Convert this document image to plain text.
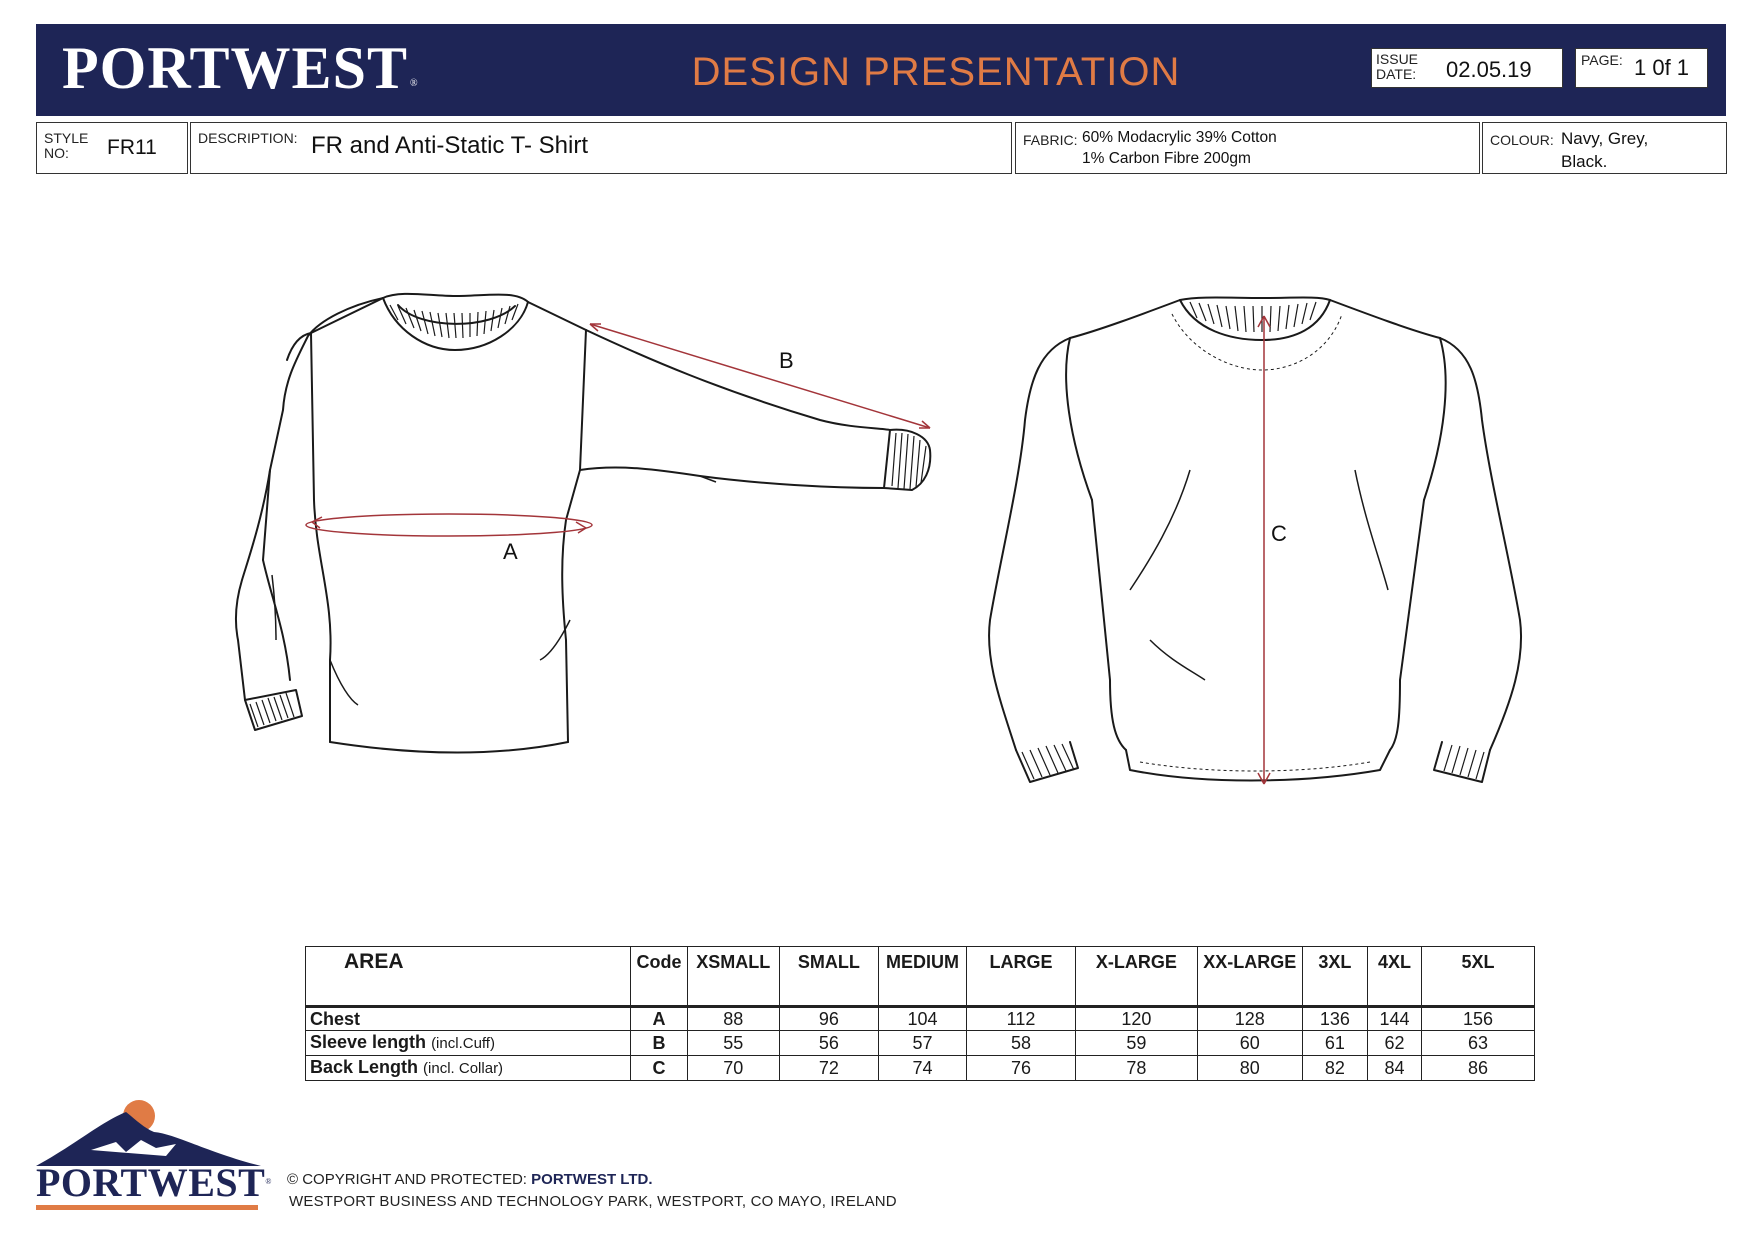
PORTWEST ®	DESIGN PRESENTATION	ISSUE
DATE: 02.05.19	PAGE: 1 0f 1
STYLE
NO:	FR11	DESCRIPTION: FR and Anti-Static T- Shirt	FABRIC: 60% Modacrylic 39% Cotton
1% Carbon Fibre 200gm
COLOUR: Navy, Grey,
Black.
A
B
C
AREA	Code	XSMALL	SMALL	MEDIUM	LARGE	X-LARGE	XX-LARGE	3XL	4XL	5XL
Chest	A	88	96	104	112	120	128	136	144	156
Sleeve length (incl.Cuff)	B	55	56	57	58	59	60	61	62	63
Back Length (incl. Collar)	C	70	72	74	76	78	80	82	84	86
PORTWEST® © COPYRIGHT AND PROTECTED: PORTWEST LTD.
WESTPORT BUSINESS AND TECHNOLOGY PARK, WESTPORT, CO MAYO, IRELAND
